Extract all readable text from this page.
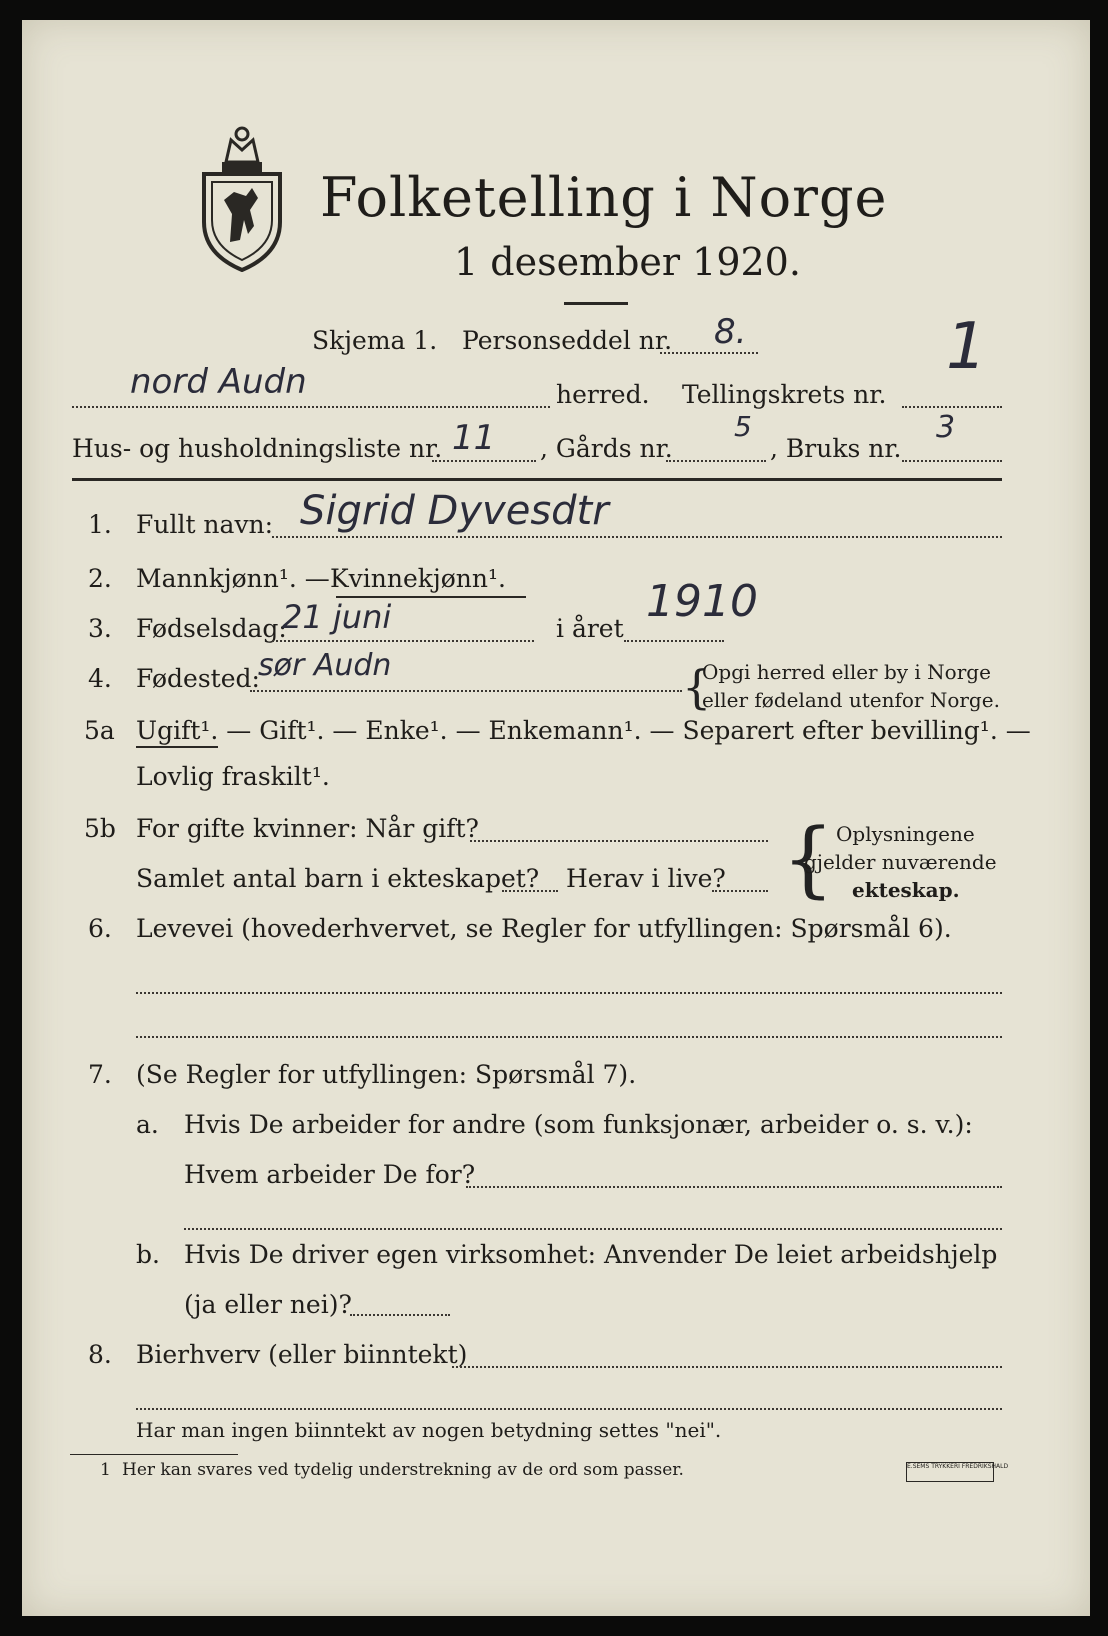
Folketelling i Norge
1 desember 1920.
Skjema 1. Personseddel nr. 8.
nord Audn	herred. Tellingskrets nr.
1
Hus- og husholdningsliste nr. 11 , Gårds nr.
5
, Bruks nr.
3
1. Fullt navn: Sigrid Dyvesdtr
2. Mannkjønn¹. — Kvinnekjønn¹.
3. Fødselsdag:
21 juni	i året
1910
4. Fødested:
sør Audn	{
Opgi herred eller by i Norge
eller fødeland utenfor Norge.
5a Ugift¹. — Gift¹. — Enke¹. — Enkemann¹. — Separert efter bevilling¹. —
Lovlig fraskilt¹.
5b For gifte kvinner: Når gift?
Samlet antal barn i ekteskapet? Herav i live? { Oplysningene
gjelder nuværende
ekteskap.
6. Levevei (hovederhvervet, se Regler for utfyllingen: Spørsmål 6).
7. (Se Regler for utfyllingen: Spørsmål 7).
a. Hvis De arbeider for andre (som funksjonær, arbeider o. s. v.):
Hvem arbeider De for?
b. Hvis De driver egen virksomhet: Anvender De leiet arbeidshjelp
(ja eller nei)?
8. Bierhverv (eller biinntekt)
Har man ingen biinntekt av nogen betydning settes "nei".
1 Her kan svares ved tydelig understrekning av de ord som passer.	E.SEMS TRYKKERI FREDRIKSHALD
